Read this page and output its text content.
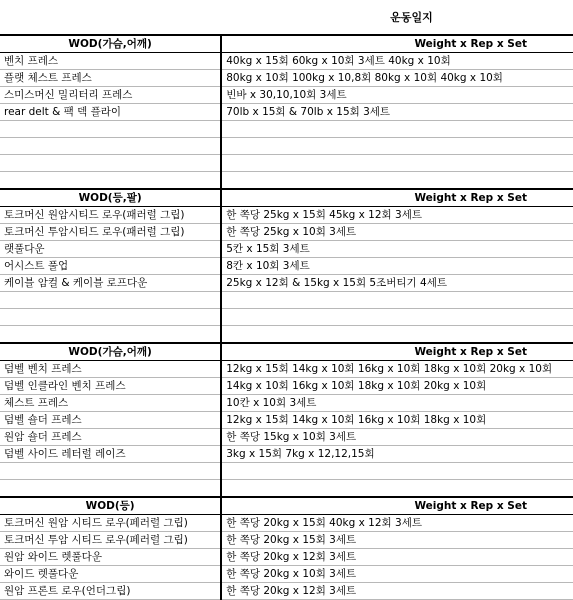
운동일지
WOD(가슴,어깨)	Weight x Rep x Set
벤치 프레스	40kg x 15회 60kg x 10회 3세트 40kg x 10회
플랫 체스트 프레스	80kg x 10회 100kg x 10,8회 80kg x 10회 40kg x 10회
스미스머신 밀리터리 프레스	빈바 x 30,10,10회 3세트
rear delt & 팩 덱 플라이	70lb x 15회 & 70lb x 15회 3세트

WOD(등,팔)	Weight x Rep x Set
토크머신 원암시티드 로우(패러럴 그립)	한 쪽당 25kg x 15회 45kg x 12회 3세트
토크머신 투암시티드 로우(패러럴 그립)	한 쪽당 25kg x 10회 3세트
랫풀다운	5칸 x 15회 3세트
어시스트 풀업	8칸 x 10회 3세트
케이블 암컬 & 케이블 로프다운	25kg x 12회 & 15kg x 15회 5조버티기 4세트

WOD(가슴,어깨)	Weight x Rep x Set
덤벨 벤치 프레스	12kg x 15회 14kg x 10회 16kg x 10회 18kg x 10회 20kg x 10회
덤벨 인클라인 벤치 프레스	14kg x 10회 16kg x 10회 18kg x 10회 20kg x 10회
체스트 프레스	10칸 x 10회 3세트
덤벨 숄더 프레스	12kg x 15회 14kg x 10회 16kg x 10회 18kg x 10회
원암 숄더 프레스	한 쪽당 15kg x 10회 3세트
덤벨 사이드 레터럴 레이즈	3kg x 15회 7kg x 12,12,15회

WOD(등)	Weight x Rep x Set
토크머신 원암 시티드 로우(페러럴 그립)	한 쪽당 20kg x 15회 40kg x 12회 3세트
토크머신 투암 시티드 로우(페러럴 그립)	한 쪽당 20kg x 15회 3세트
원암 와이드 렛풀다운	한 쪽당 20kg x 12회 3세트
와이드 렛풀다운	한 쪽당 20kg x 10회 3세트
원암 프론트 로우(언더그립)	한 쪽당 20kg x 12회 3세트
